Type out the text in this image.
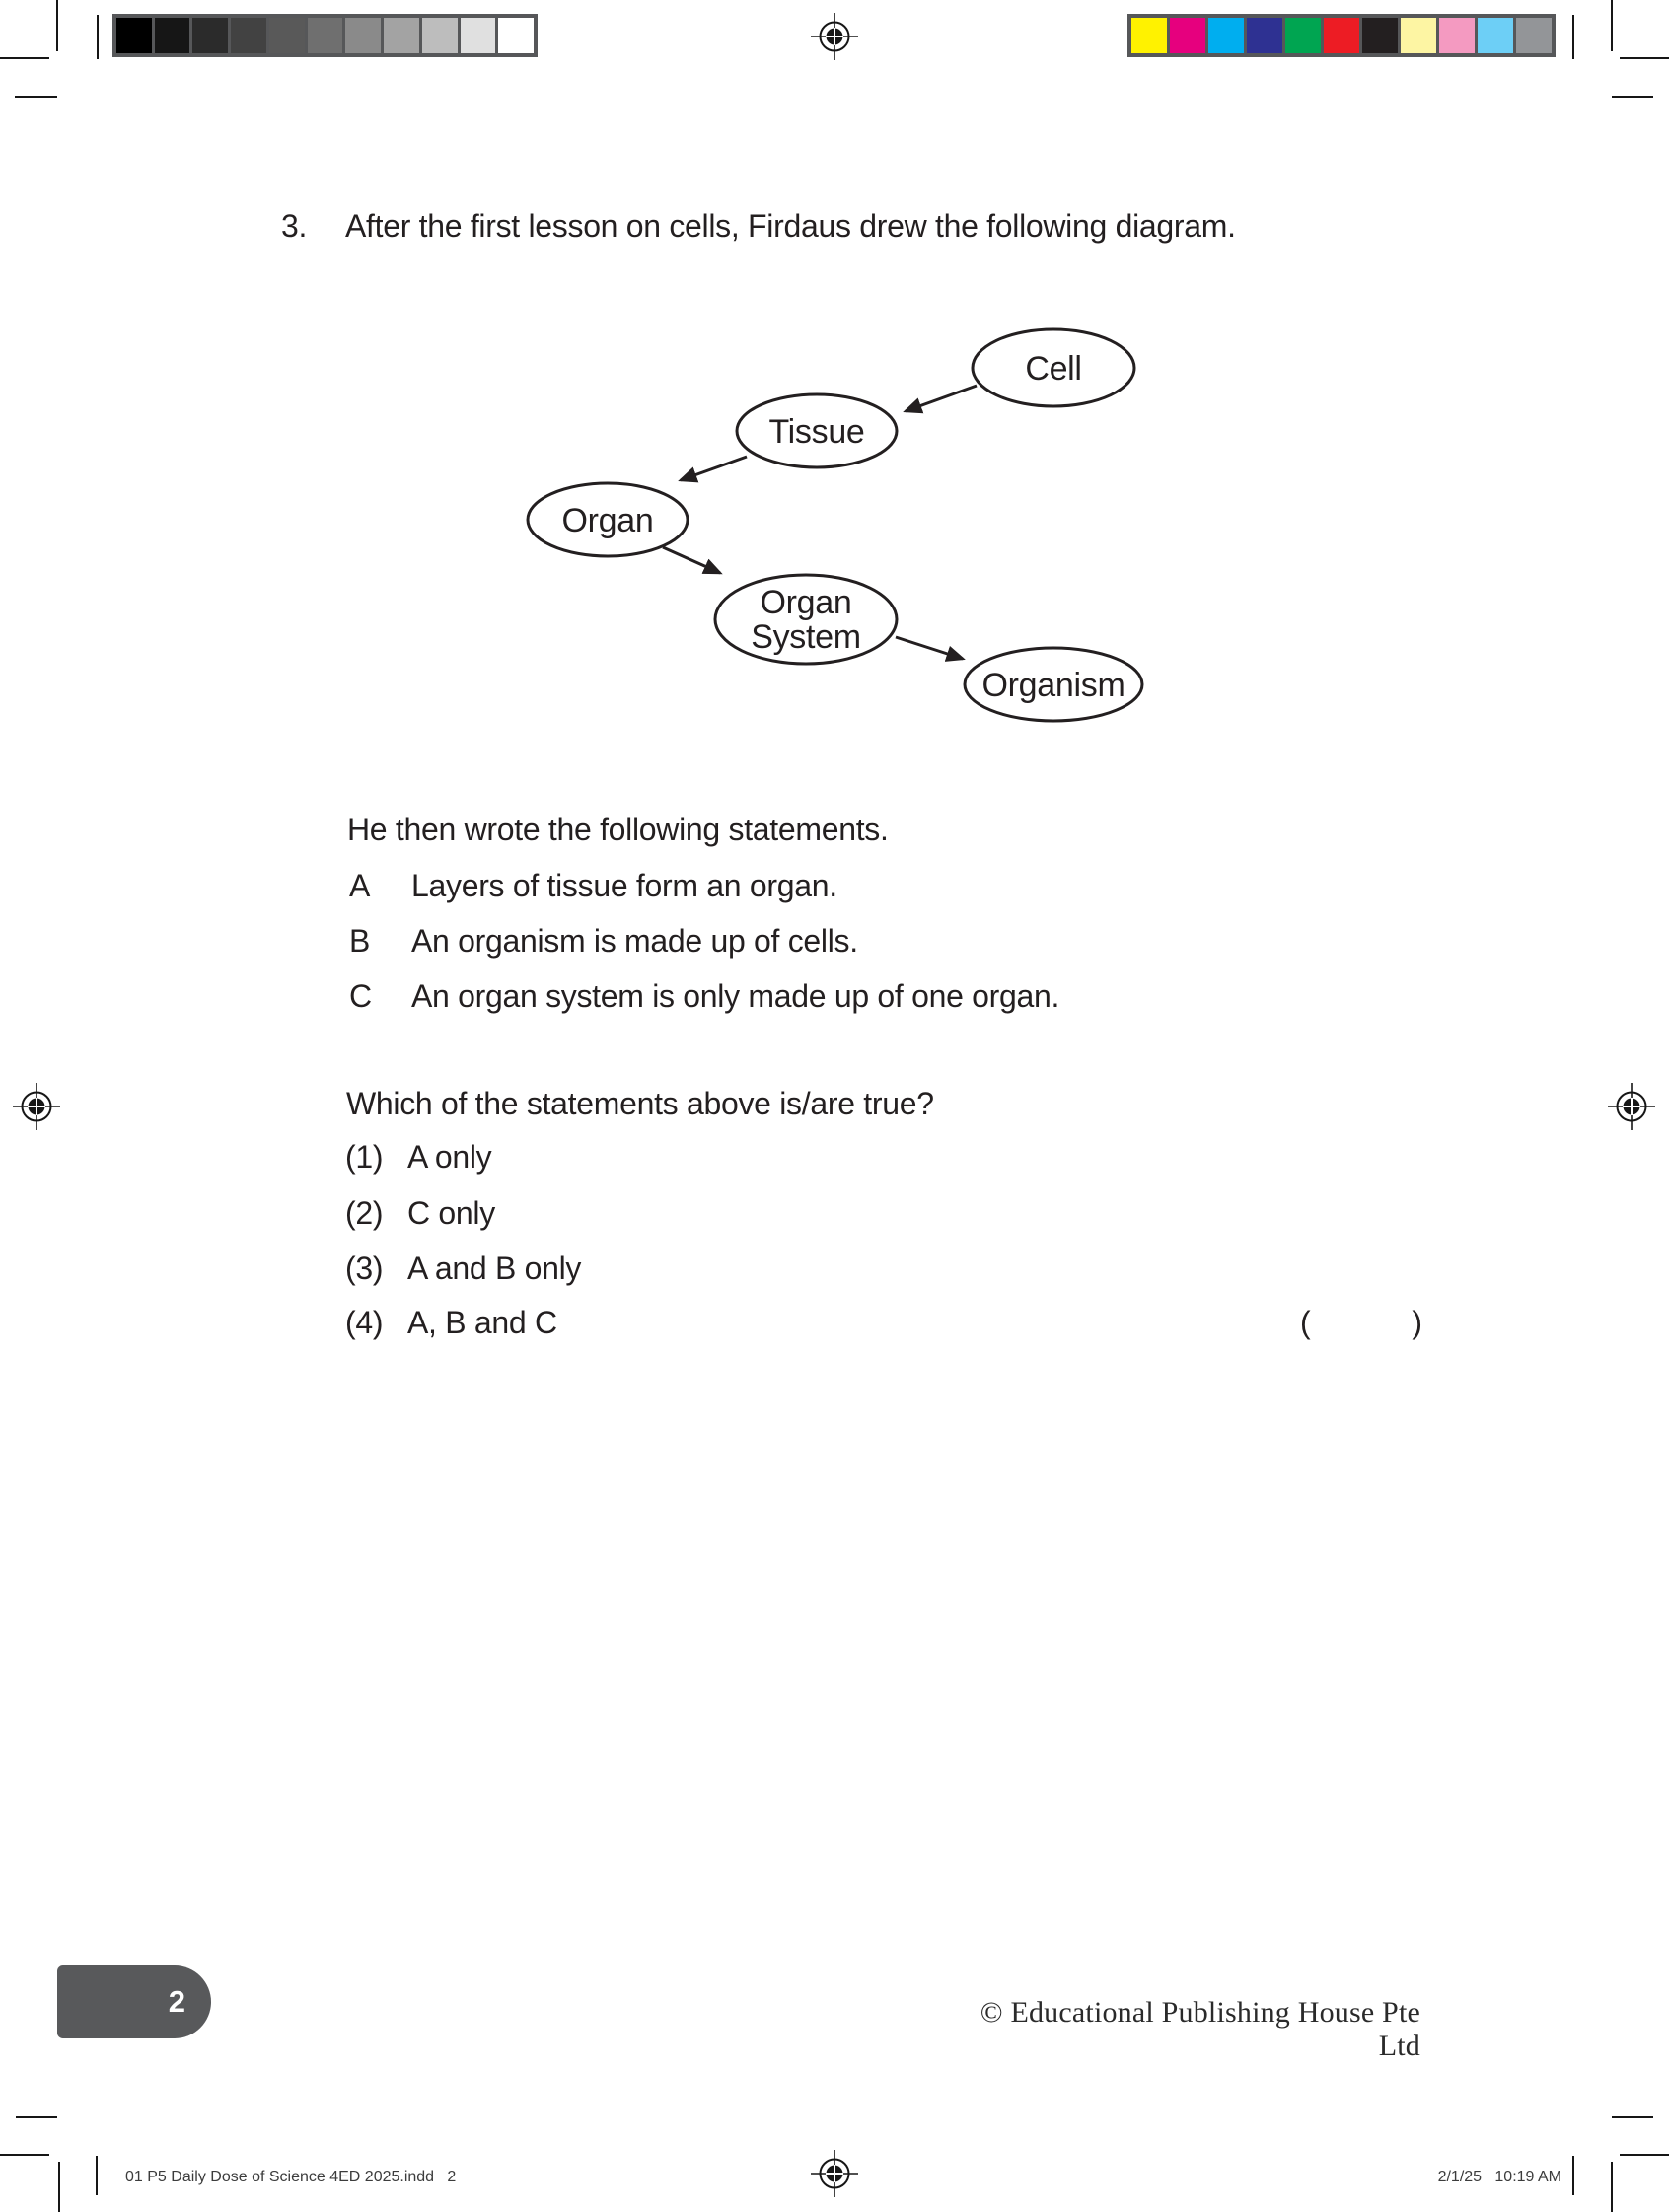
3.	After the first lesson on cells, Firdaus drew the following diagram.
Cell
Tissue
Organ
Organ
System
Organism
He then wrote the following statements.
A	Layers of tissue form an organ.
B	An organism is made up of cells.
C	An organ system is only made up of one organ.
Which of the statements above is/are true?
(1) A only
(2) C only
(3) A and B only
(4) A, B and C	(	)
2	© Educational Publishing House Pte Ltd
01 P5 Daily Dose of Science 4ED 2025.indd   2	2/1/25   10:19 AM
